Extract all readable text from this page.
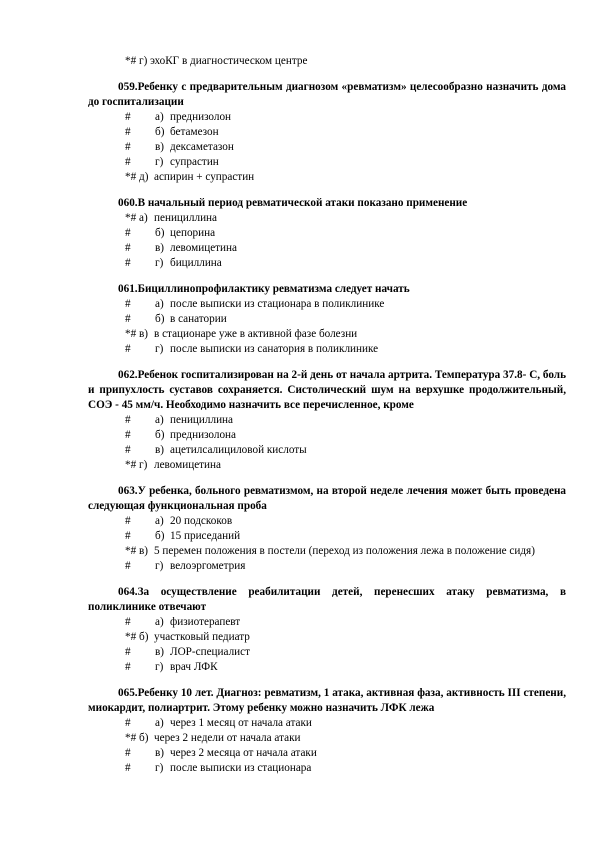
*# г) эхоКГ в диагностическом центре
059.Ребенку с предварительным диагнозом «ревматизм» целесообразно назначить дома до госпитализации
# а) преднизолон
# б) бетамезон
# в) дексаметазон
# г) супрастин
*# д) аспирин + супрастин
060.В начальный период ревматической атаки показано применение
*# а) пенициллина
# б) цепорина
# в) левомицетина
# г) бициллина
061.Бициллинопрофилактику ревматизма следует начать
# а) после выписки из стационара в поликлинике
# б) в санатории
*# в) в стационаре уже в активной фазе болезни
# г) после выписки из санатория в поликлинике
062.Ребенок госпитализирован на 2-й день от начала артрита. Температура 37.8- С, боль и припухлость суставов сохраняется. Систолический шум на верхушке продолжительный, СОЭ - 45 мм/ч. Необходимо назначить все перечисленное, кроме
# а) пенициллина
# б) преднизолона
# в) ацетилсалициловой кислоты
*# г) левомицетина
063.У ребенка, больного ревматизмом, на второй неделе лечения может быть проведена следующая функциональная проба
# а) 20 подскоков
# б) 15 приседаний
*# в) 5 перемен положения в постели (переход из положения лежа в положение сидя)
# г) велоэргометрия
064.За осуществление реабилитации детей, перенесших атаку ревматизма, в поликлинике отвечают
# а) физиотерапевт
*# б) участковый педиатр
# в) ЛОР-специалист
# г) врач ЛФК
065.Ребенку 10 лет. Диагноз: ревматизм, 1 атака, активная фаза, активность III степени, миокардит, полиартрит. Этому ребенку можно назначить ЛФК лежа
# а) через 1 месяц от начала атаки
*# б) через 2 недели от начала атаки
# в) через 2 месяца от начала атаки
# г) после выписки из стационара
